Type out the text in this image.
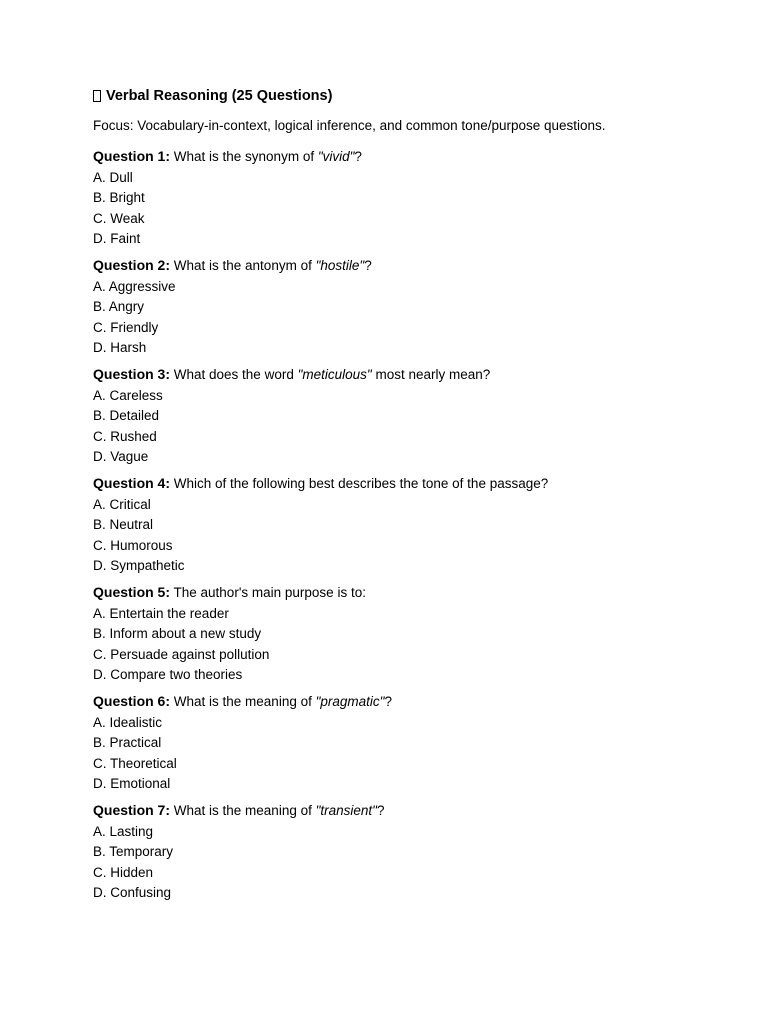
Verbal Reasoning (25 Questions)
Focus: Vocabulary-in-context, logical inference, and common tone/purpose questions.
Question 1: What is the synonym of "vivid"?
A. Dull
B. Bright
C. Weak
D. Faint
Question 2: What is the antonym of "hostile"?
A. Aggressive
B. Angry
C. Friendly
D. Harsh
Question 3: What does the word "meticulous" most nearly mean?
A. Careless
B. Detailed
C. Rushed
D. Vague
Question 4: Which of the following best describes the tone of the passage?
A. Critical
B. Neutral
C. Humorous
D. Sympathetic
Question 5: The author's main purpose is to:
A. Entertain the reader
B. Inform about a new study
C. Persuade against pollution
D. Compare two theories
Question 6: What is the meaning of "pragmatic"?
A. Idealistic
B. Practical
C. Theoretical
D. Emotional
Question 7: What is the meaning of "transient"?
A. Lasting
B. Temporary
C. Hidden
D. Confusing
